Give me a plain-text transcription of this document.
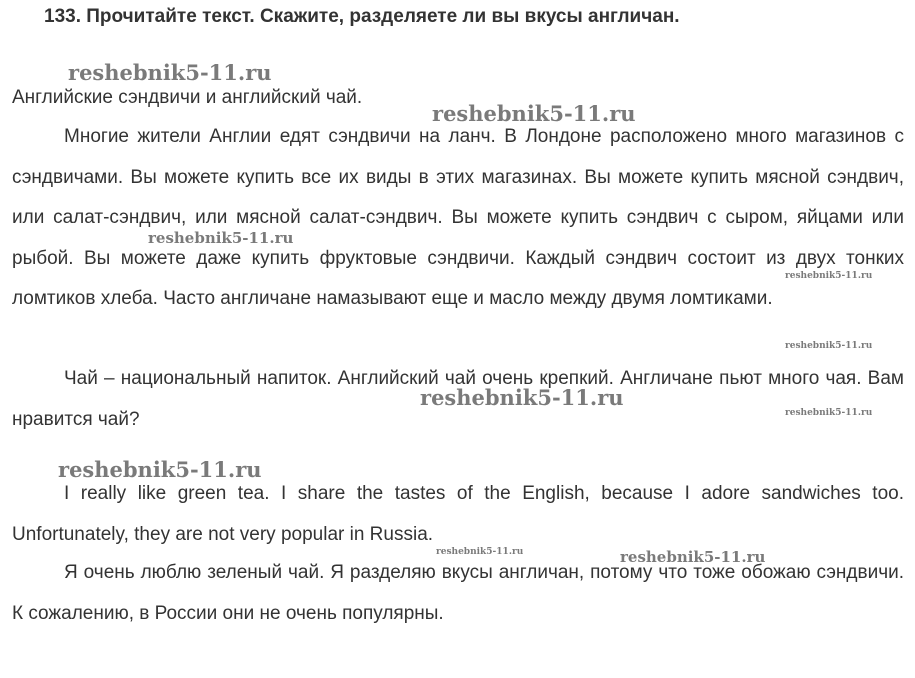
133. Прочитайте текст. Скажите, разделяете ли вы вкусы англичан.
Английские сэндвичи и английский чай.

Многие жители Англии едят сэндвичи на ланч. В Лондоне расположено много магазинов с сэндвичами. Вы можете купить все их виды в этих магазинах. Вы можете купить мясной сэндвич, или салат-сэндвич, или мясной салат-сэндвич. Вы можете купить сэндвич с сыром, яйцами или рыбой. Вы можете даже купить фруктовые сэндвичи. Каждый сэндвич состоит из двух тонких ломтиков хлеба. Часто англичане намазывают еще и масло между двумя ломтиками.

Чай – национальный напиток. Английский чай очень крепкий. Англичане пьют много чая. Вам нравится чай?

I really like green tea. I share the tastes of the English, because I adore sandwiches too. Unfortunately, they are not very popular in Russia.

Я очень люблю зеленый чай. Я разделяю вкусы англичан, потому что тоже обожаю сэндвичи. К сожалению, в России они не очень популярны.

reshebnik5-11.ru
reshebnik5-11.ru
reshebnik5-11.ru
reshebnik5-11.ru
reshebnik5-11.ru
reshebnik5-11.ru
reshebnik5-11.ru
reshebnik5-11.ru
reshebnik5-11.ru	reshebnik5-11.ru
